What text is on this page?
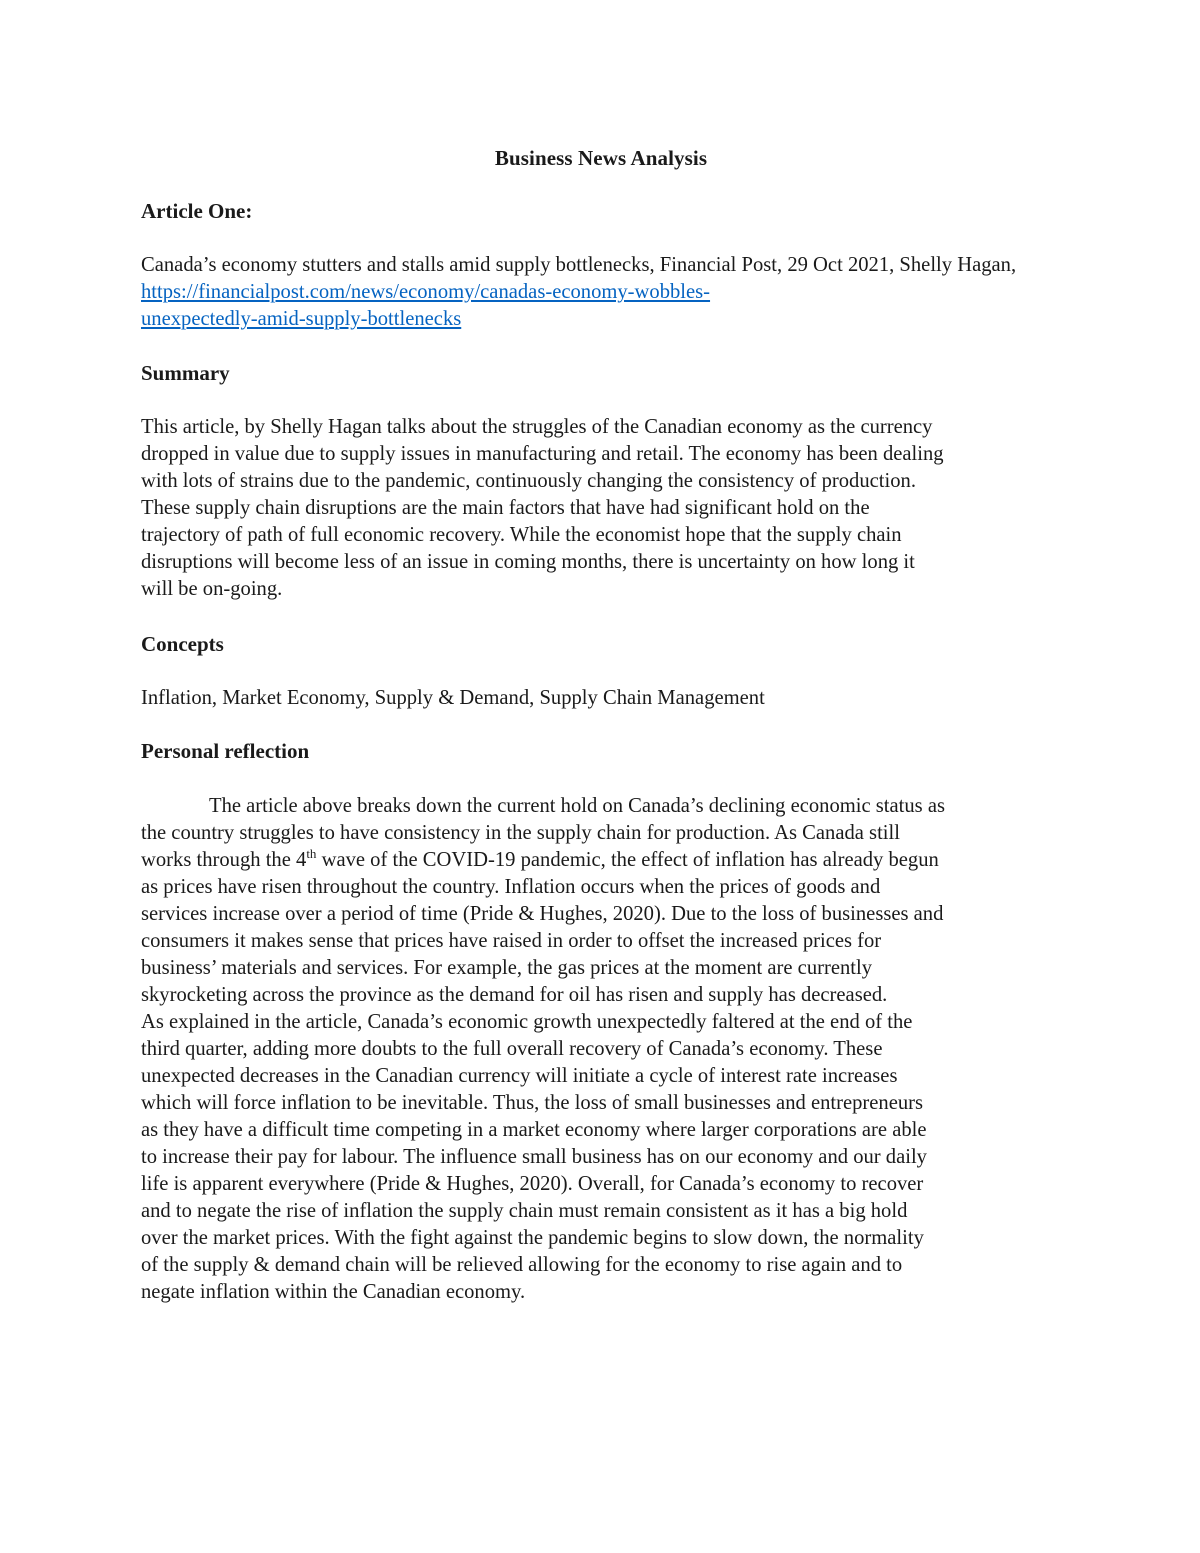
Business News Analysis
Article One:
Canada’s economy stutters and stalls amid supply bottlenecks, Financial Post, 29 Oct 2021, Shelly Hagan, https://financialpost.com/news/economy/canadas-economy-wobbles-
unexpectedly-amid-supply-bottlenecks
Summary
This article, by Shelly Hagan talks about the struggles of the Canadian economy as the currency
dropped in value due to supply issues in manufacturing and retail. The economy has been dealing
with lots of strains due to the pandemic, continuously changing the consistency of production.
These supply chain disruptions are the main factors that have had significant hold on the
trajectory of path of full economic recovery. While the economist hope that the supply chain
disruptions will become less of an issue in coming months, there is uncertainty on how long it
will be on-going.
Concepts
Inflation, Market Economy, Supply & Demand, Supply Chain Management
Personal reflection
The article above breaks down the current hold on Canada’s declining economic status as
the country struggles to have consistency in the supply chain for production. As Canada still
works through the 4th wave of the COVID-19 pandemic, the effect of inflation has already begun
as prices have risen throughout the country. Inflation occurs when the prices of goods and
services increase over a period of time (Pride & Hughes, 2020). Due to the loss of businesses and
consumers it makes sense that prices have raised in order to offset the increased prices for
business’ materials and services. For example, the gas prices at the moment are currently
skyrocketing across the province as the demand for oil has risen and supply has decreased.
As explained in the article, Canada’s economic growth unexpectedly faltered at the end of the
third quarter, adding more doubts to the full overall recovery of Canada’s economy. These
unexpected decreases in the Canadian currency will initiate a cycle of interest rate increases
which will force inflation to be inevitable. Thus, the loss of small businesses and entrepreneurs
as they have a difficult time competing in a market economy where larger corporations are able
to increase their pay for labour. The influence small business has on our economy and our daily
life is apparent everywhere (Pride & Hughes, 2020). Overall, for Canada’s economy to recover
and to negate the rise of inflation the supply chain must remain consistent as it has a big hold
over the market prices. With the fight against the pandemic begins to slow down, the normality
of the supply & demand chain will be relieved allowing for the economy to rise again and to
negate inflation within the Canadian economy.
